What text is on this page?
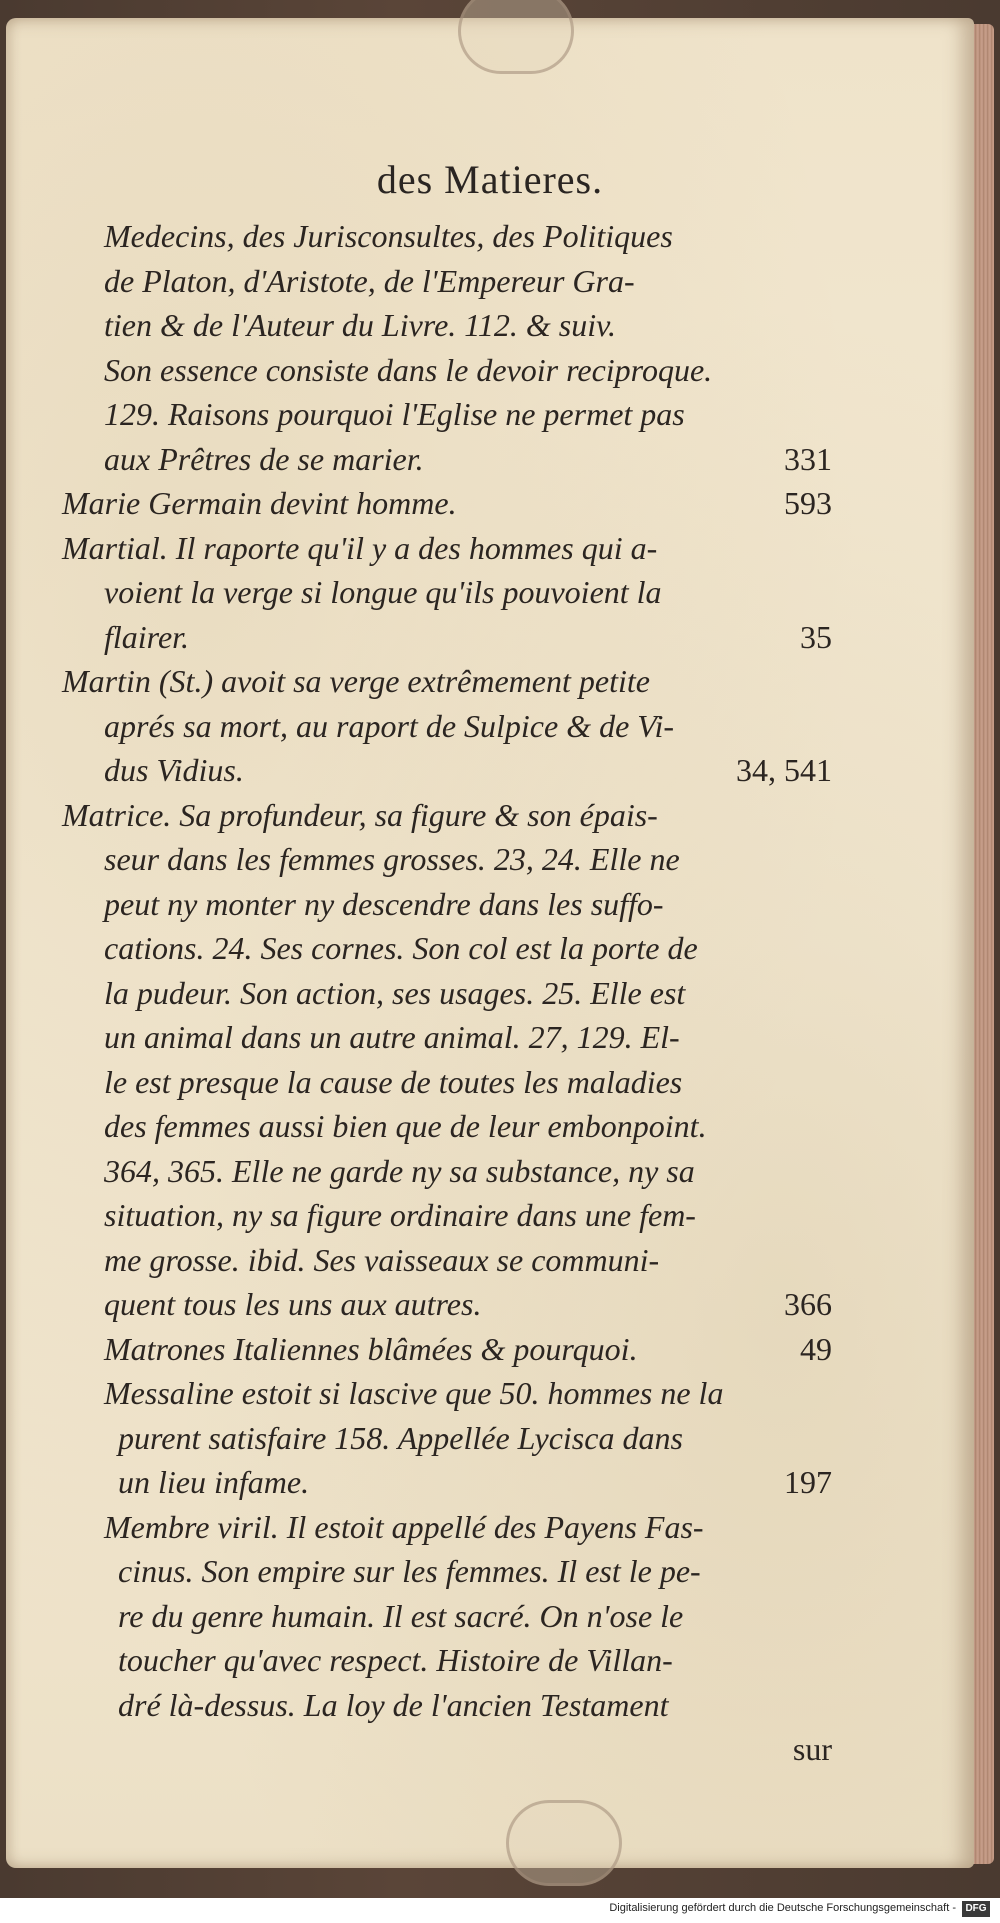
des Matieres.
Medecins, des Jurisconsultes, des Politiques
de Platon, d'Aristote, de l'Empereur Gra-
tien & de l'Auteur du Livre. 112. & suiv.
Son essence consiste dans le devoir reciproque.
129. Raisons pourquoi l'Eglise ne permet pas
aux Prêtres de se marier.	331
Marie Germain devint homme.	593
Martial. Il raporte qu'il y a des hommes qui a-
voient la verge si longue qu'ils pouvoient la
flairer.	35
Martin (St.) avoit sa verge extrêmement petite
aprés sa mort, au raport de Sulpice & de Vi-
dus Vidius.	34, 541
Matrice. Sa profundeur, sa figure & son épais-
seur dans les femmes grosses. 23, 24. Elle ne
peut ny monter ny descendre dans les suffo-
cations. 24. Ses cornes. Son col est la porte de
la pudeur. Son action, ses usages. 25. Elle est
un animal dans un autre animal. 27, 129. El-
le est presque la cause de toutes les maladies
des femmes aussi bien que de leur embonpoint.
364, 365. Elle ne garde ny sa substance, ny sa
situation, ny sa figure ordinaire dans une fem-
me grosse. ibid. Ses vaisseaux se communi-
quent tous les uns aux autres.	366
Matrones Italiennes blâmées & pourquoi.	49
Messaline estoit si lascive que 50. hommes ne la
purent satisfaire 158. Appellée Lycisca dans
un lieu infame.	197
Membre viril. Il estoit appellé des Payens Fas-
cinus. Son empire sur les femmes. Il est le pe-
re du genre humain. Il est sacré. On n'ose le
toucher qu'avec respect. Histoire de Villan-
dré là-dessus. La loy de l'ancien Testament
sur
Digitalisierung gefördert durch die Deutsche Forschungsgemeinschaft - DFG
